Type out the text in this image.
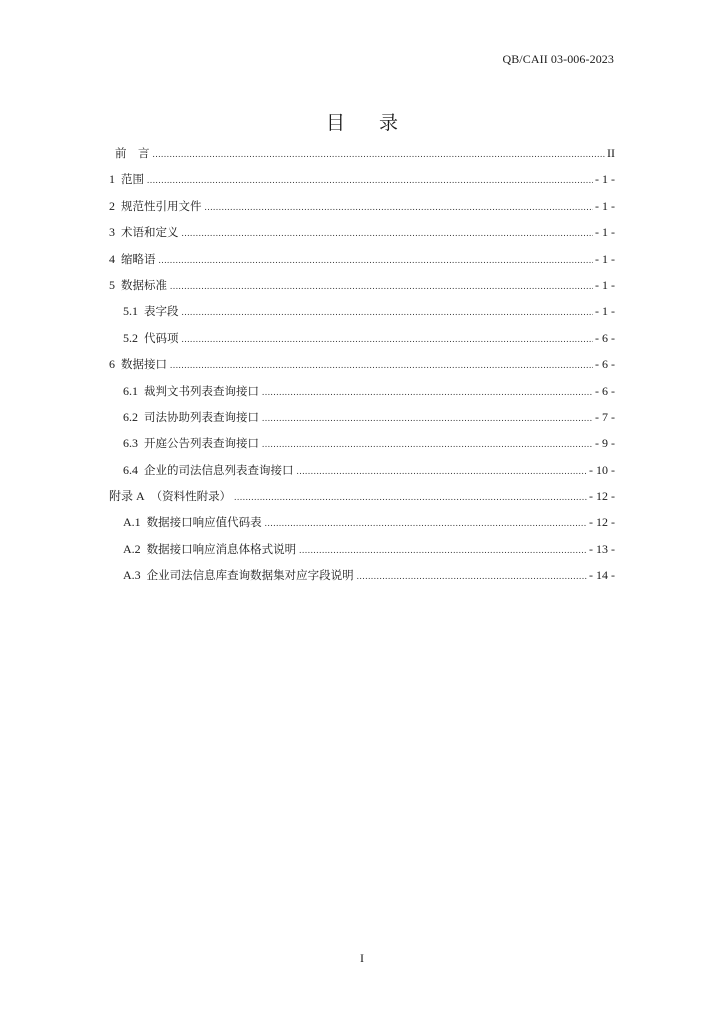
QB/CAII 03-006-2023
目 录
前　言 .....	II
1 范围 .....	- 1 -
2 规范性引用文件 .....	- 1 -
3 术语和定义 .....	- 1 -
4 缩略语 .....	- 1 -
5 数据标准 .....	- 1 -
5.1 表字段 .....	- 1 -
5.2 代码项 .....	- 6 -
6 数据接口 .....	- 6 -
6.1 裁判文书列表查询接口 .....	- 6 -
6.2 司法协助列表查询接口 .....	- 7 -
6.3 开庭公告列表查询接口 .....	- 9 -
6.4 企业的司法信息列表查询接口 .....	- 10 -
附录 A （资料性附录） .....	- 12 -
A.1 数据接口响应值代码表 .....	- 12 -
A.2 数据接口响应消息体格式说明 .....	- 13 -
A.3 企业司法信息库查询数据集对应字段说明 .....	- 14 -
I
